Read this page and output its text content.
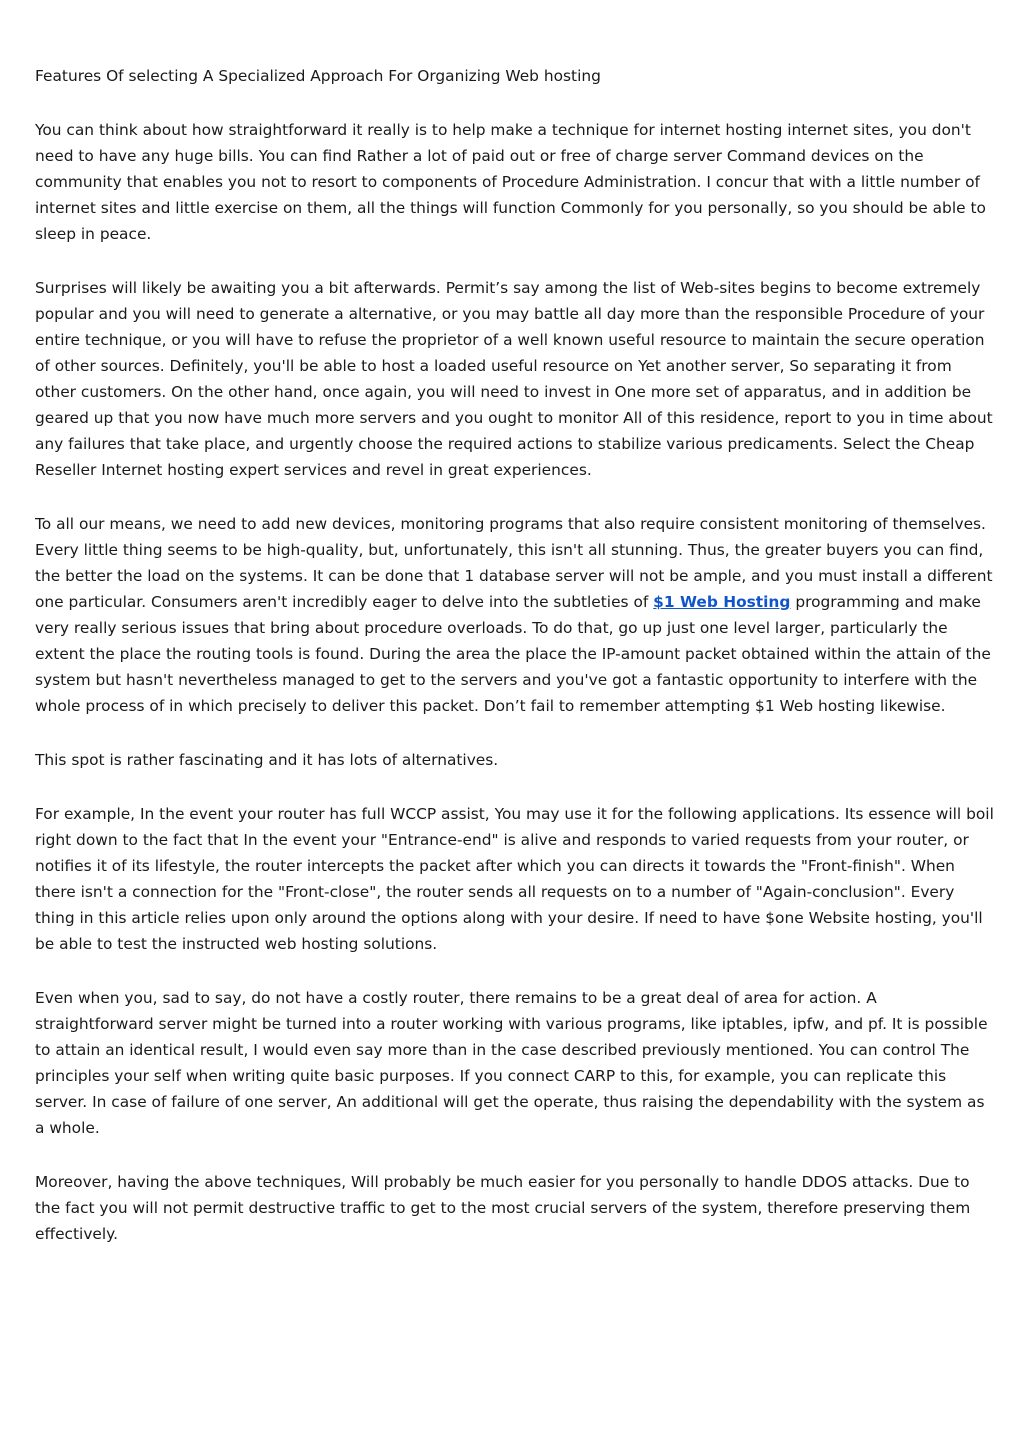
Features Of selecting A Specialized Approach For Organizing Web hosting

You can think about how straightforward it really is to help make a technique for internet hosting internet sites, you don't need to have any huge bills. You can find Rather a lot of paid out or free of charge server Command devices on the community that enables you not to resort to components of Procedure Administration. I concur that with a little number of internet sites and little exercise on them, all the things will function Commonly for you personally, so you should be able to sleep in peace.

Surprises will likely be awaiting you a bit afterwards. Permit’s say among the list of Web-sites begins to become extremely popular and you will need to generate a alternative, or you may battle all day more than the responsible Procedure of your entire technique, or you will have to refuse the proprietor of a well known useful resource to maintain the secure operation of other sources. Definitely, you'll be able to host a loaded useful resource on Yet another server, So separating it from other customers. On the other hand, once again, you will need to invest in One more set of apparatus, and in addition be geared up that you now have much more servers and you ought to monitor All of this residence, report to you in time about any failures that take place, and urgently choose the required actions to stabilize various predicaments. Select the Cheap Reseller Internet hosting expert services and revel in great experiences.

To all our means, we need to add new devices, monitoring programs that also require consistent monitoring of themselves. Every little thing seems to be high-quality, but, unfortunately, this isn't all stunning. Thus, the greater buyers you can find, the better the load on the systems. It can be done that 1 database server will not be ample, and you must install a different one particular. Consumers aren't incredibly eager to delve into the subtleties of $1 Web Hosting programming and make very really serious issues that bring about procedure overloads. To do that, go up just one level larger, particularly the extent the place the routing tools is found. During the area the place the IP-amount packet obtained within the attain of the system but hasn't nevertheless managed to get to the servers and you've got a fantastic opportunity to interfere with the whole process of in which precisely to deliver this packet. Don’t fail to remember attempting $1 Web hosting likewise.

This spot is rather fascinating and it has lots of alternatives.

For example, In the event your router has full WCCP assist, You may use it for the following applications. Its essence will boil right down to the fact that In the event your "Entrance-end" is alive and responds to varied requests from your router, or notifies it of its lifestyle, the router intercepts the packet after which you can directs it towards the "Front-finish". When there isn't a connection for the "Front-close", the router sends all requests on to a number of "Again-conclusion". Every thing in this article relies upon only around the options along with your desire. If need to have $one Website hosting, you'll be able to test the instructed web hosting solutions.

Even when you, sad to say, do not have a costly router, there remains to be a great deal of area for action. A straightforward server might be turned into a router working with various programs, like iptables, ipfw, and pf. It is possible to attain an identical result, I would even say more than in the case described previously mentioned. You can control The principles your self when writing quite basic purposes. If you connect CARP to this, for example, you can replicate this server. In case of failure of one server, An additional will get the operate, thus raising the dependability with the system as a whole.

Moreover, having the above techniques, Will probably be much easier for you personally to handle DDOS attacks. Due to the fact you will not permit destructive traffic to get to the most crucial servers of the system, therefore preserving them effectively.
